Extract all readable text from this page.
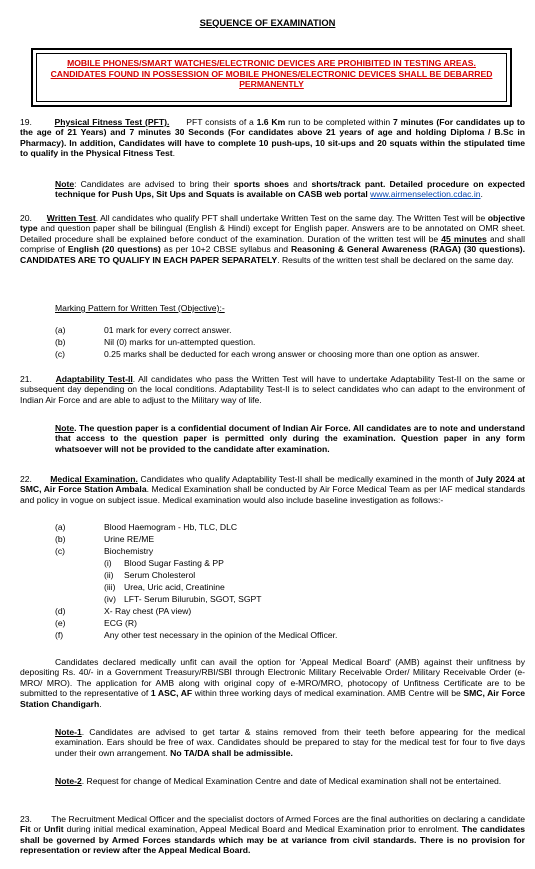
SEQUENCE OF EXAMINATION
MOBILE PHONES/SMART WATCHES/ELECTRONIC DEVICES ARE PROHIBITED IN TESTING AREAS.
CANDIDATES FOUND IN POSSESSION OF MOBILE PHONES/ELECTRONIC DEVICES SHALL BE DEBARRED
PERMANENTLY
19.	Physical Fitness Test (PFT). PFT consists of a 1.6 Km run to be completed within 7 minutes (For candidates up to the age of 21 Years) and 7 minutes 30 Seconds (For candidates above 21 years of age and holding Diploma / B.Sc in Pharmacy). In addition, Candidates will have to complete 10 push-ups, 10 sit-ups and 20 squats within the stipulated time to qualify in the Physical Fitness Test.
Note: Candidates are advised to bring their sports shoes and shorts/track pant. Detailed procedure on expected technique for Push Ups, Sit Ups and Squats is available on CASB web portal www.airmenselection.cdac.in.
20. Written Test. All candidates who qualify PFT shall undertake Written Test on the same day. The Written Test will be objective type and question paper shall be bilingual (English & Hindi) except for English paper. Answers are to be annotated on OMR sheet. Detailed procedure shall be explained before conduct of the examination. Duration of the written test will be 45 minutes and shall comprise of English (20 questions) as per 10+2 CBSE syllabus and Reasoning & General Awareness (RAGA) (30 questions). CANDIDATES ARE TO QUALIFY IN EACH PAPER SEPARATELY. Results of the written test shall be declared on the same day.
Marking Pattern for Written Test (Objective):-
(a)	01 mark for every correct answer.
(b)	Nil (0) marks for un-attempted question.
(c)	0.25 marks shall be deducted for each wrong answer or choosing more than one option as answer.
21.	Adaptability Test-II. All candidates who pass the Written Test will have to undertake Adaptability Test-II on the same or subsequent day depending on the local conditions. Adaptability Test-II is to select candidates who can adapt to the environment of Indian Air Force and are able to adjust to the Military way of life.
Note. The question paper is a confidential document of Indian Air Force. All candidates are to note and understand that access to the question paper is permitted only during the examination. Question paper in any form whatsoever will not be provided to the candidate after examination.
22. Medical Examination. Candidates who qualify Adaptability Test-II shall be medically examined in the month of July 2024 at SMC, Air Force Station Ambala. Medical Examination shall be conducted by Air Force Medical Team as per IAF medical standards and policy in vogue on subject issue. Medical examination would also include baseline investigation as follows:-
(a)	Blood Haemogram - Hb, TLC, DLC
(b)	Urine RE/ME
(c)	Biochemistry
(i) Blood Sugar Fasting & PP
(ii) Serum Cholesterol
(iii) Urea, Uric acid, Creatinine
(iv) LFT- Serum Bilurubin, SGOT, SGPT
(d)	X- Ray chest (PA view)
(e)	ECG (R)
(f)	Any other test necessary in the opinion of the Medical Officer.
Candidates declared medically unfit can avail the option for 'Appeal Medical Board' (AMB) against their unfitness by depositing Rs. 40/- in a Government Treasury/RBI/SBI through Electronic Military Receivable Order/ Military Receivable Order (e-MRO/ MRO). The application for AMB along with original copy of e-MRO/MRO, photocopy of Unfitness Certificate are to be submitted to the representative of 1 ASC, AF within three working days of medical examination. AMB Centre will be SMC, Air Force Station Chandigarh.
Note-1. Candidates are advised to get tartar & stains removed from their teeth before appearing for the medical examination. Ears should be free of wax. Candidates should be prepared to stay for the medical test for four to five days under their own arrangement. No TA/DA shall be admissible.
Note-2. Request for change of Medical Examination Centre and date of Medical examination shall not be entertained.
23. The Recruitment Medical Officer and the specialist doctors of Armed Forces are the final authorities on declaring a candidate Fit or Unfit during initial medical examination, Appeal Medical Board and Medical Examination prior to enrolment. The candidates shall be governed by Armed Forces standards which may be at variance from civil standards. There is no provision for representation or review after the Appeal Medical Board.
